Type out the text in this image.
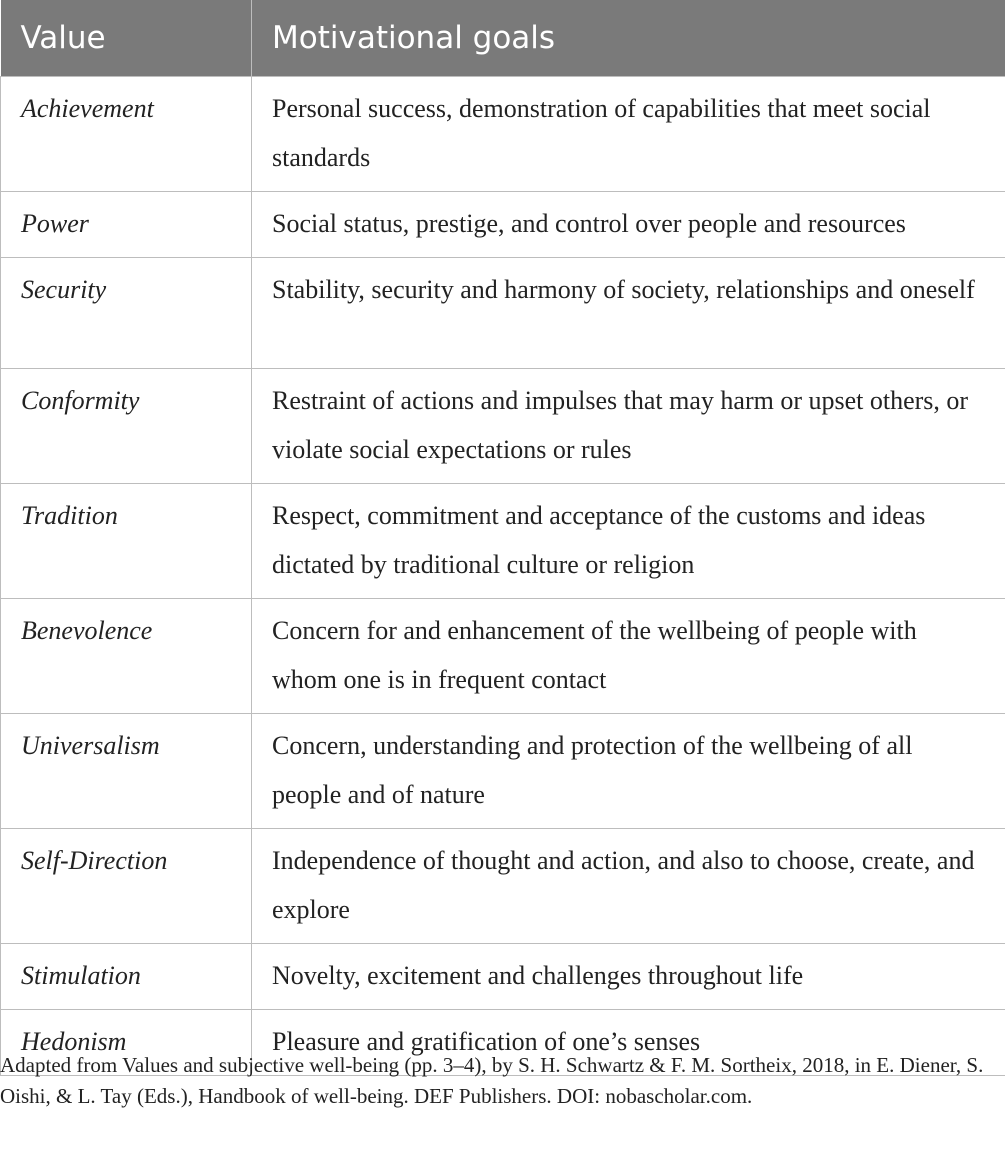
Value	Motivational goals
Achievement	Personal success, demonstration of capabilities that meet social standards
Power	Social status, prestige, and control over people and resources
Security	Stability, security and harmony of society, relationships and oneself
Conformity	Restraint of actions and impulses that may harm or upset others, or violate social expectations or rules
Tradition	Respect, commitment and acceptance of the customs and ideas dictated by traditional culture or religion
Benevolence	Concern for and enhancement of the wellbeing of people with whom one is in frequent contact
Universalism	Concern, understanding and protection of the wellbeing of all people and of nature
Self-Direction	Independence of thought and action, and also to choose, create, and explore
Stimulation	Novelty, excitement and challenges throughout life
Hedonism	Pleasure and gratification of one’s senses
Adapted from Values and subjective well-being (pp. 3–4), by S. H. Schwartz & F. M. Sortheix, 2018, in E. Diener, S. Oishi, & L. Tay (Eds.), Handbook of well-being. DEF Publishers. DOI: nobascholar.com.
